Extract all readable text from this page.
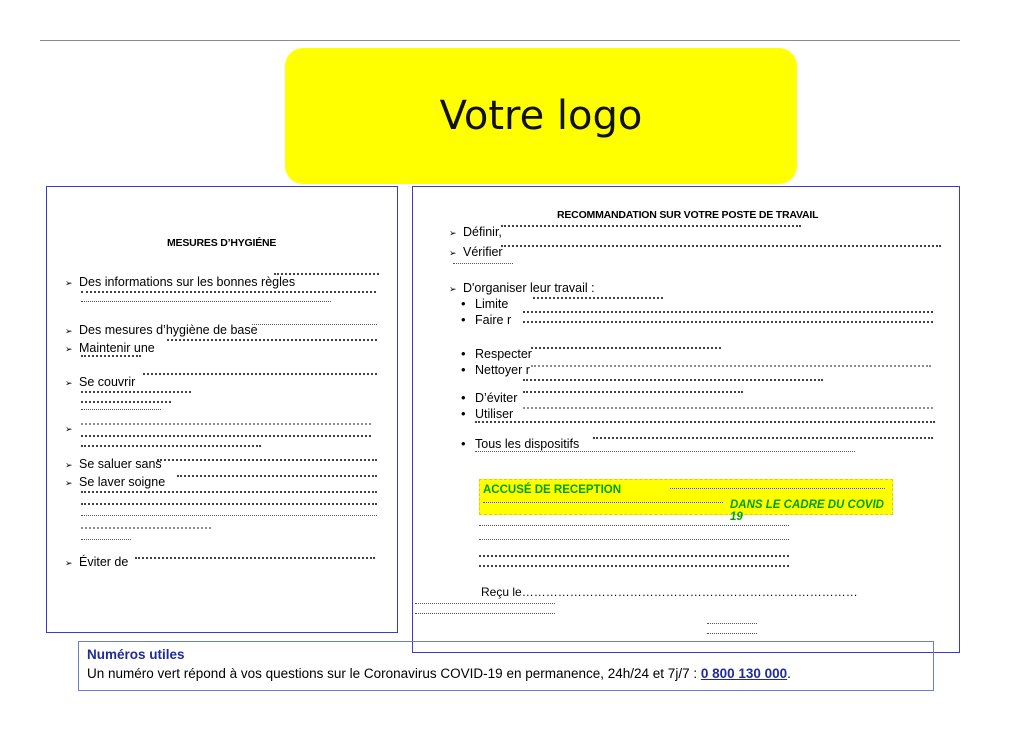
Votre logo
MESURES D’HYGIÉNE
➢ Des informations sur les bonnes règles
➢ Des mesures d’hygiène de base
➢ Maintenir une
➢ Se couvrir
➢
➢ Se saluer sans
➢ Se laver soigne
➢ Éviter de
RECOMMANDATION SUR VOTRE POSTE DE TRAVAIL
➢ Définir,
➢ Vérifier
➢ D'organiser leur travail :
• Limite
• Faire r
• Respecter
• Nettoyer r
• D’éviter
• Utiliser
• Tous les dispositifs
ACCUSÉ DE RECEPTION
DANS LE CADRE DU COVID 19
Reçu le…………………………………………………………………………
Numéros utiles
Un numéro vert répond à vos questions sur le Coronavirus COVID-19 en permanence, 24h/24 et 7j/7 : 0 800 130 000.
